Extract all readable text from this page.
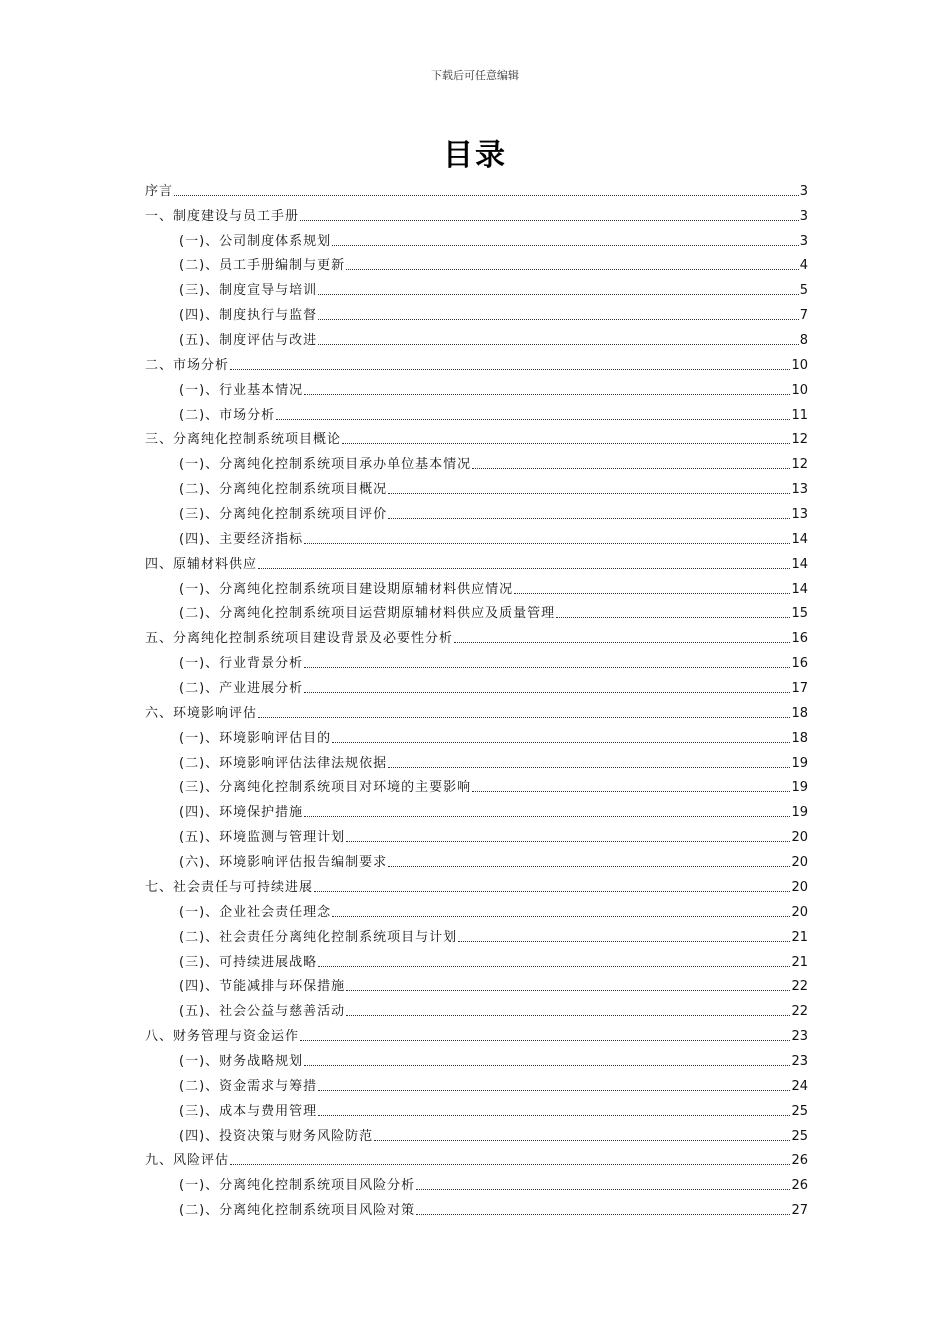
下载后可任意编辑
目录
序言	3
一、制度建设与员工手册	3
(一)、公司制度体系规划	3
(二)、员工手册编制与更新	4
(三)、制度宣导与培训	5
(四)、制度执行与监督	7
(五)、制度评估与改进	8
二、市场分析	10
(一)、行业基本情况	10
(二)、市场分析	11
三、分离纯化控制系统项目概论	12
(一)、分离纯化控制系统项目承办单位基本情况	12
(二)、分离纯化控制系统项目概况	13
(三)、分离纯化控制系统项目评价	13
(四)、主要经济指标	14
四、原辅材料供应	14
(一)、分离纯化控制系统项目建设期原辅材料供应情况	14
(二)、分离纯化控制系统项目运营期原辅材料供应及质量管理	15
五、分离纯化控制系统项目建设背景及必要性分析	16
(一)、行业背景分析	16
(二)、产业进展分析	17
六、环境影响评估	18
(一)、环境影响评估目的	18
(二)、环境影响评估法律法规依据	19
(三)、分离纯化控制系统项目对环境的主要影响	19
(四)、环境保护措施	19
(五)、环境监测与管理计划	20
(六)、环境影响评估报告编制要求	20
七、社会责任与可持续进展	20
(一)、企业社会责任理念	20
(二)、社会责任分离纯化控制系统项目与计划	21
(三)、可持续进展战略	21
(四)、节能减排与环保措施	22
(五)、社会公益与慈善活动	22
八、财务管理与资金运作	23
(一)、财务战略规划	23
(二)、资金需求与筹措	24
(三)、成本与费用管理	25
(四)、投资决策与财务风险防范	25
九、风险评估	26
(一)、分离纯化控制系统项目风险分析	26
(二)、分离纯化控制系统项目风险对策	27
